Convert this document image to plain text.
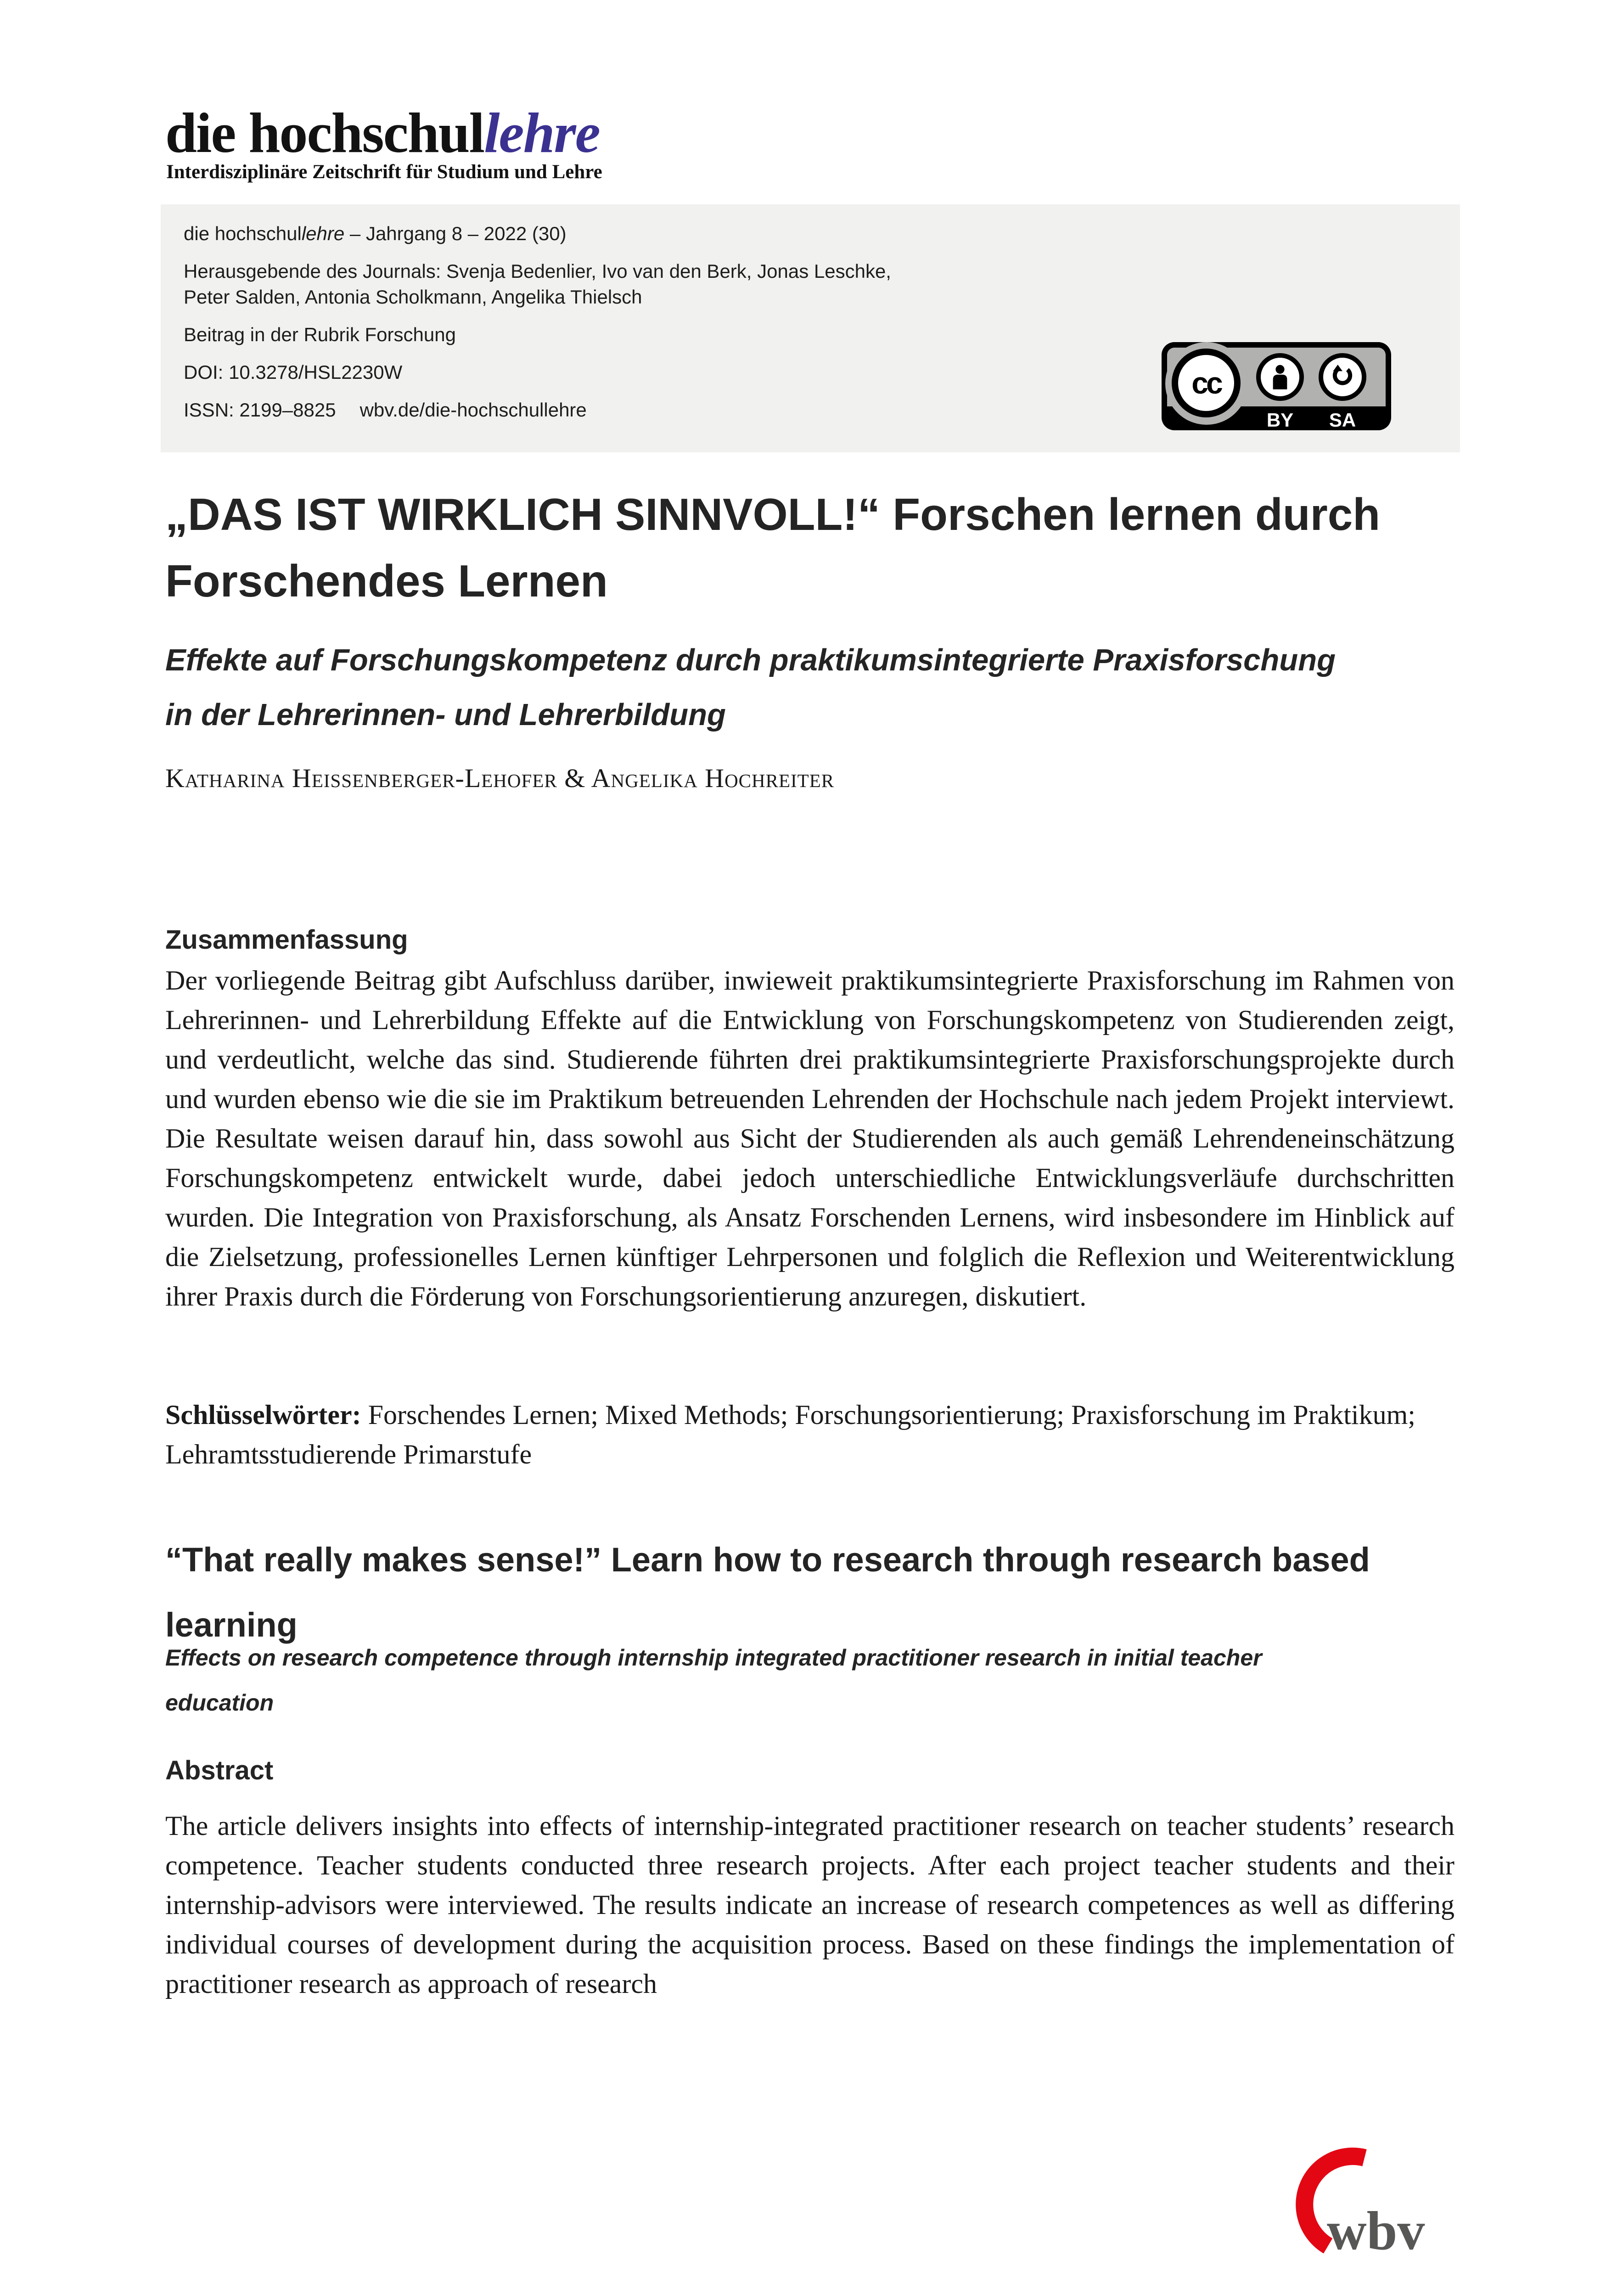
die hochschullehre
Interdisziplinäre Zeitschrift für Studium und Lehre
die hochschullehre – Jahrgang 8 – 2022 (30)
Herausgebende des Journals: Svenja Bedenlier, Ivo van den Berk, Jonas Leschke,
Peter Salden, Antonia Scholkmann, Angelika Thielsch
Beitrag in der Rubrik Forschung
DOI: 10.3278/HSL2230W
ISSN: 2199–8825 wbv.de/die-hochschullehre
cc
BY	SA
„DAS IST WIRKLICH SINNVOLL!“ Forschen lernen durch Forschendes Lernen
Effekte auf Forschungskompetenz durch praktikumsintegrierte Praxisforschung in der Lehrerinnen- und Lehrerbildung
Katharina Heissenberger-Lehofer & Angelika Hochreiter
Zusammenfassung

Der vorliegende Beitrag gibt Aufschluss darüber, inwieweit praktikumsintegrierte Praxisforschung im Rahmen von Lehrerinnen- und Lehrerbildung Effekte auf die Entwicklung von Forschungskompetenz von Studierenden zeigt, und verdeutlicht, welche das sind. Studierende führten drei praktikumsintegrierte Praxisforschungsprojekte durch und wurden ebenso wie die sie im Praktikum betreuenden Lehrenden der Hochschule nach jedem Projekt interviewt. Die Resultate weisen darauf hin, dass sowohl aus Sicht der Studierenden als auch gemäß Lehrendeneinschätzung Forschungskompetenz entwickelt wurde, dabei jedoch unterschiedliche Entwicklungsverläufe durchschritten wurden. Die Integration von Praxisforschung, als Ansatz Forschenden Lernens, wird insbesondere im Hinblick auf die Zielsetzung, professionelles Lernen künftiger Lehrpersonen und folglich die Reflexion und Weiterentwicklung ihrer Praxis durch die Förderung von Forschungsorientierung anzuregen, diskutiert.

Schlüsselwörter: Forschendes Lernen; Mixed Methods; Forschungsorientierung; Praxisforschung im Praktikum; Lehramtsstudierende Primarstufe

“That really makes sense!” Learn how to research through research based learning
Effects on research competence through internship integrated practitioner research in initial teacher education
Abstract

The article delivers insights into effects of internship-integrated practitioner research on teacher students’ research competence. Teacher students conducted three research projects. After each project teacher students and their internship-advisors were interviewed. The results indicate an increase of research competences as well as differing individual courses of development during the acquisition process. Based on these findings the implementation of practitioner research as approach of research

wbv
